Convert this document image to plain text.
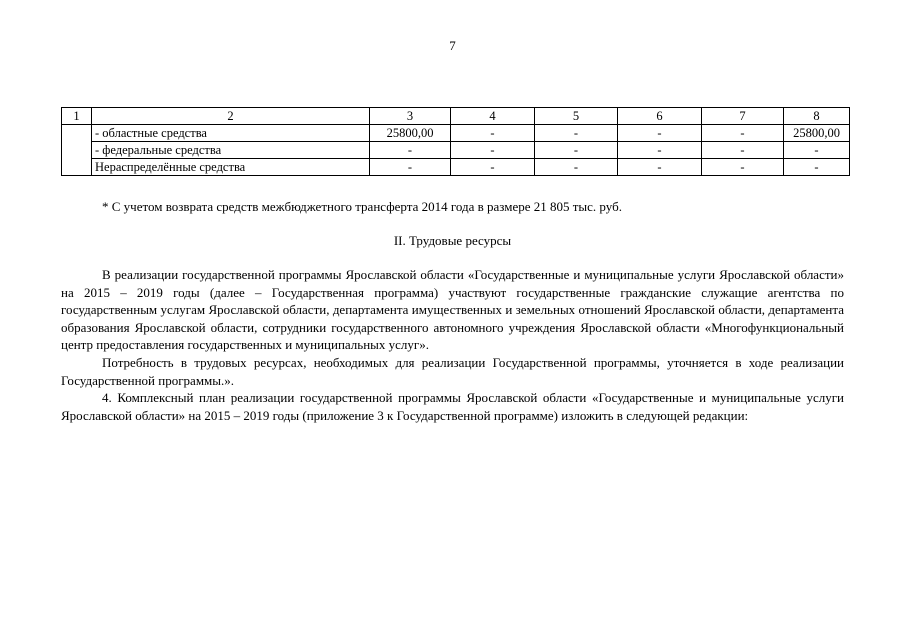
7
1	2	3	4	5	6	7	8
	- областные средства	25800,00	-	-	-	-	25800,00
	- федеральные средства	-	-	-	-	-	-
	Нераспределённые средства	-	-	-	-	-	-
* С учетом возврата средств межбюджетного трансферта 2014 года в размере 21 805 тыс. руб.
II. Трудовые ресурсы

В реализации государственной программы Ярославской области «Государственные и муниципальные услуги Ярославской области» на 2015 – 2019 годы (далее – Государственная программа) участвуют государственные гражданские служащие агентства по государственным услугам Ярославской области, департамента имущественных и земельных отношений Ярославской области, департамента образования Ярославской области, сотрудники государственного автономного учреждения Ярославской области «Многофункциональный центр предоставления государственных и муниципальных услуг».

Потребность в трудовых ресурсах, необходимых для реализации Государственной программы, уточняется в ходе реализации Государственной программы.».

4. Комплексный план реализации государственной программы Ярославской области «Государственные и муниципальные услуги Ярославской области» на 2015 – 2019 годы (приложение 3 к Государственной программе) изложить в следующей редакции:
